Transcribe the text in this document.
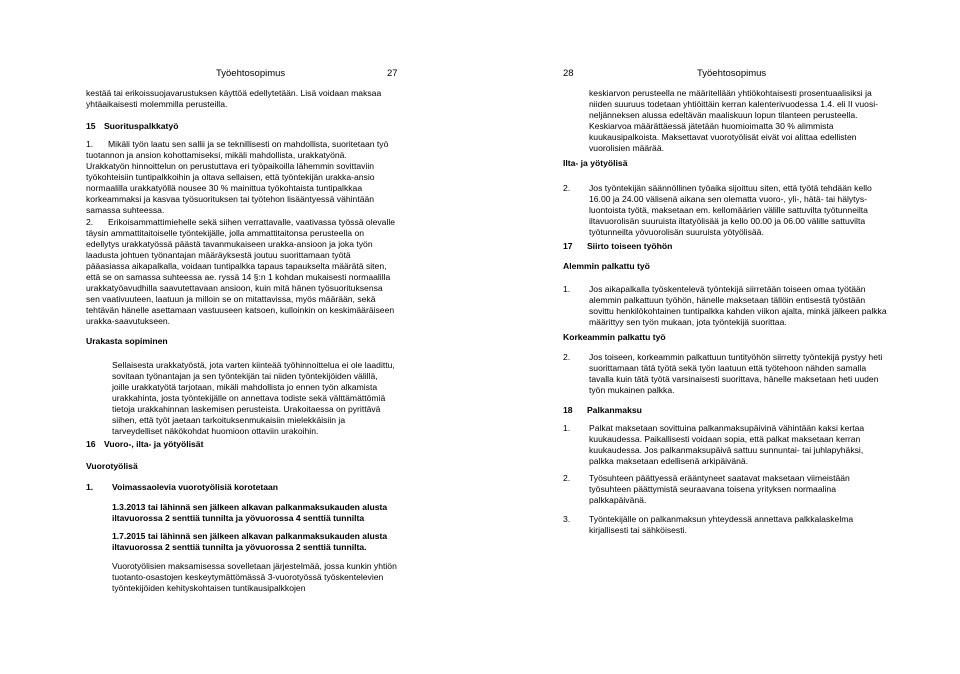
Työehtosopimus	27

kestää tai erikoissuojavarustuksen käyttöä edellytetään. Lisä voidaan maksaa yhtäaikaisesti molemmilla perusteilla.

15 Suorituspalkkatyö
1.	Mikäli työn laatu sen sallii ja se teknillisesti on mahdollista, suoritetaan työ tuotannon ja ansion kohottamiseksi, mikäli mahdollista, urakkatyönä.

Urakkatyön hinnoittelun on perustuttava eri työpaikoilla lähemmin sovittaviin työkohteisiin tuntipalkkoihin ja oltava sellaisen, että työntekijän urakka-ansio normaalilla urakkatyöllä nousee 30 % mainittua työkohtaista tuntipalkkaa korkeammaksi ja kasvaa työsuorituksen tai työtehon lisääntyessä vähintään samassa suhteessa.

2.	Erikoisammattimiehelle sekä siihen verrattavalle, vaativassa työssä olevalle täysin ammattitaitoiselle työntekijälle, jolla ammattitaitonsa perusteella on edellytys urakkatyössä päästä tavanmukaiseen urakka-ansioon ja joka työn laadusta johtuen työnantajan määräyksestä joutuu suorittamaan työtä pääasiassa aikapalkalla, voidaan tuntipalkka tapaus tapaukselta määrätä siten, että se on samassa suhteessa ae. ryssä 14 §:n 1 kohdan mukaisesti normaalilla urakkatyöavudhilla saavutettavaan ansioon, kuin mitä hänen työsuorituksensa sen vaativuuteen, laatuun ja milloin se on mitattavissa, myös määrään, sekä tehtävän hänelle asettamaan vastuuseen katsoen, kulloinkin on keskimääräiseen urakka-saavutukseen.

Urakasta sopiminen

Sellaisesta urakkatyöstä, jota varten kiinteää työhinnoittelua ei ole laadittu, sovitaan työnantajan ja sen työntekijän tai niiden työntekijöiden välillä, joille urakkatyötä tarjotaan, mikäli mahdollista jo ennen työn alkamista urakkahinta, josta työntekijälle on annettava todiste sekä välttämättömiä tietoja urakkahinnan laskemisen perusteista. Urakoitaessa on pyrittävä siihen, että työt jaetaan tarkoituksenmukaisiin mielekkäisiin ja tarveydelliset näkökohdat huomioon ottaviin urakoihin.

16 Vuoro-, ilta- ja yötyölisät
Vuorotyölisä
1. Voimassaolevia vuorotyölisiä korotetaan

1.3.2013 tai lähinnä sen jälkeen alkavan palkanmaksukauden alusta iltavuorossa 2 senttiä tunnilta ja yövuorossa 4 senttiä tunnilta

1.7.2015 tai lähinnä sen jälkeen alkavan palkanmaksukauden alusta iltavuorossa 2 senttiä tunnilta ja yövuorossa 2 senttiä tunnilta.

Vuorotyölisien maksamisessa sovelletaan järjestelmää, jossa kunkin yhtiön tuotanto-osastojen keskeytymättömässä 3-vuorotyössä työskentelevien työntekijöiden kehityskohtaisen tuntikausipalkkojen

28	Työehtosopimus

keskiarvon perusteella ne määritellään yhtiökohtaisesti prosentuaalisiksi ja niiden suuruus todetaan yhtiöittäin kerran kalenterivuodessa 1.4. eli II vuosi-neljänneksen alussa edeltävän maaliskuun lopun tilanteen perusteella. Keskiarvoa määrättäessä jätetään huomioimatta 30 % alimmista kuukausipalkoista. Maksettavat vuorotyölisät eivät voi alittaa edellisten vuorolisien määrää.

Ilta- ja yötyölisä
2. Jos työntekijän säännöllinen työaika sijoittuu siten, että työtä tehdään kello 16.00 ja 24.00 välisenä aikana sen olematta vuoro-, yli-, hätä- tai hälytys-luontoista työtä, maksetaan em. kellomäärien välille sattuvilta työtunneilta iltavuorolisän suuruista iltatyölisää ja kello 00.00 ja 06.00 välille sattuvilta työtunneilta yövuorolisän suuruista yötyölisää.

17 Siirto toiseen työhön
Alemmin palkattu työ
1. Jos aikapalkalla työskentelevä työntekijä siirretään toiseen omaa työtään alemmin palkattuun työhön, hänelle maksetaan tällöin entisestä työstään sovittu henkilökohtainen tuntipalkka kahden viikon ajalta, minkä jälkeen palkka määrittyy sen työn mukaan, jota työntekijä suorittaa.

Korkeammin palkattu työ
2. Jos toiseen, korkeammin palkattuun tuntityöhön siirretty työntekijä pystyy heti suorittamaan tätä työtä sekä työn laatuun että työtehoon nähden samalla tavalla kuin tätä työtä varsinaisesti suorittava, hänelle maksetaan heti uuden työn mukainen palkka.

18 Palkanmaksu
1. Palkat maksetaan sovittuina palkanmaksupäivinä vähintään kaksi kertaa kuukaudessa. Paikallisesti voidaan sopia, että palkat maksetaan kerran kuukaudessa. Jos palkanmaksupäivä sattuu sunnuntai- tai juhlapyhäksi, palkka maksetaan edellisenä arkipäivänä.

2. Työsuhteen päättyessä erääntyneet saatavat maksetaan viimeistään työsuhteen päättymistä seuraavana toisena yrityksen normaalina palkkapäivänä.

3. Työntekijälle on palkanmaksun yhteydessä annettava palkkalaskelma kirjallisesti tai sähköisesti.
